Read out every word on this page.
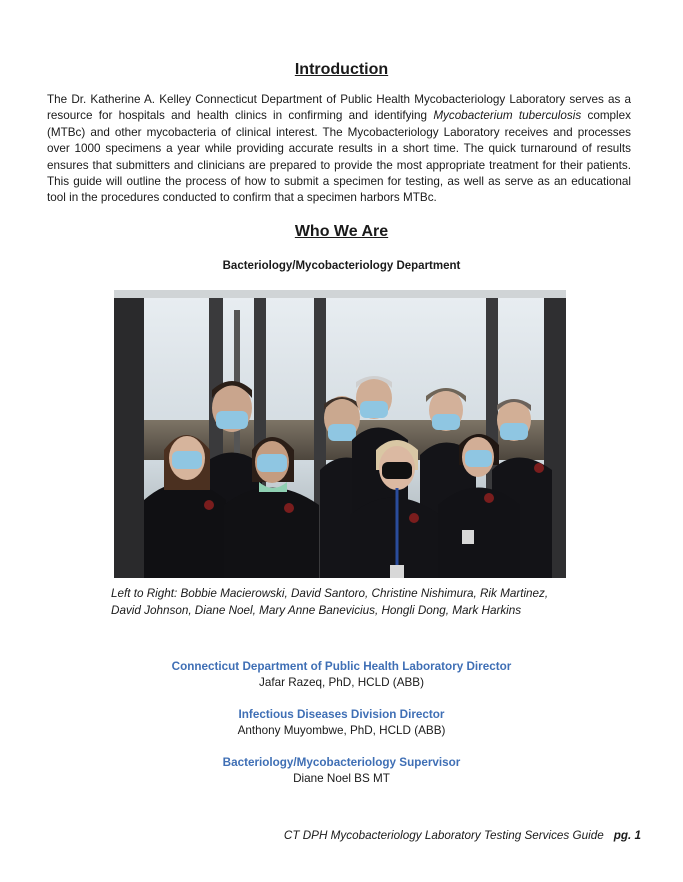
Introduction
The Dr. Katherine A. Kelley Connecticut Department of Public Health Mycobacteriology Laboratory serves as a resource for hospitals and health clinics in confirming and identifying Mycobacterium tuberculosis complex (MTBc) and other mycobacteria of clinical interest. The Mycobacteriology Laboratory receives and processes over 1000 specimens a year while providing accurate results in a short time. The quick turnaround of results ensures that submitters and clinicians are prepared to provide the most appropriate treatment for their patients. This guide will outline the process of how to submit a specimen for testing, as well as serve as an educational tool in the procedures conducted to confirm that a specimen harbors MTBc.
Who We Are
Bacteriology/Mycobacteriology Department
Left to Right: Bobbie Macierowski, David Santoro, Christine Nishimura, Rik Martinez,
David Johnson, Diane Noel, Mary Anne Banevicius, Hongli Dong, Mark Harkins
Connecticut Department of Public Health Laboratory Director
Jafar Razeq, PhD, HCLD (ABB)
Infectious Diseases Division Director
Anthony Muyombwe, PhD, HCLD (ABB)
Bacteriology/Mycobacteriology Supervisor
Diane Noel BS MT
CT DPH Mycobacteriology Laboratory Testing Services Guide pg. 1
